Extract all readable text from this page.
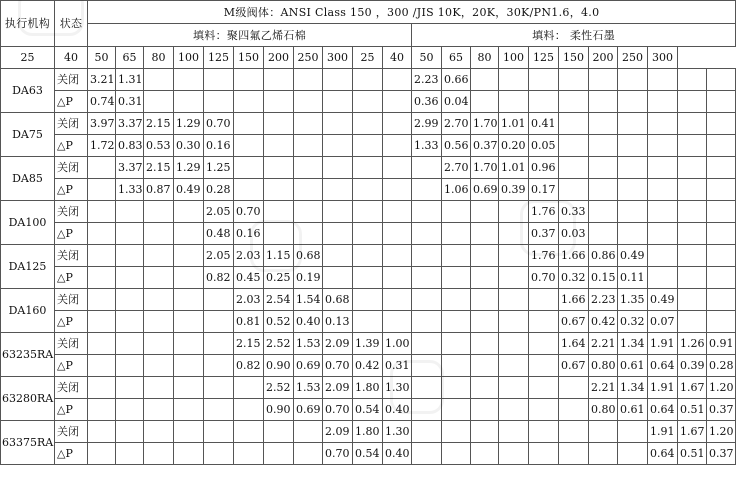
执行机构	状态	M级阀体：ANSI Class 150 ，300 /JIS 10K，20K，30K/PN1.6，4.0																					
		填料：聚四氟乙烯石棉											填料： 柔性石墨										
25	40	50	65	80	100	125	150	200	250	300	25	40	50	65	80	100	125	150	200	250	300		
DA63	关闭	3.21	1.31										2.23	0.66									
	△P	0.74	0.31										0.36	0.04									
DA75	关闭	3.97	3.37	2.15	1.29	0.70							2.99	2.70	1.70	1.01	0.41						
	△P	1.72	0.83	0.53	0.30	0.16							1.33	0.56	0.37	0.20	0.05						
DA85	关闭		3.37	2.15	1.29	1.25								2.70	1.70	1.01	0.96						
	△P		1.33	0.87	0.49	0.28								1.06	0.69	0.39	0.17						
DA100	关闭					2.05	0.70										1.76	0.33					
	△P					0.48	0.16										0.37	0.03					
DA125	关闭					2.05	2.03	1.15	0.68								1.76	1.66	0.86	0.49			
	△P					0.82	0.45	0.25	0.19								0.70	0.32	0.15	0.11			
DA160	关闭						2.03	2.54	1.54	0.68								1.66	2.23	1.35	0.49		
	△P						0.81	0.52	0.40	0.13								0.67	0.42	0.32	0.07		
63235RA	关闭						2.15	2.52	1.53	2.09	1.39	1.00						1.64	2.21	1.34	1.91	1.26	0.91
	△P						0.82	0.90	0.69	0.70	0.42	0.31						0.67	0.80	0.61	0.64	0.39	0.28
63280RA	关闭							2.52	1.53	2.09	1.80	1.30							2.21	1.34	1.91	1.67	1.20
	△P							0.90	0.69	0.70	0.54	0.40							0.80	0.61	0.64	0.51	0.37
63375RA	关闭									2.09	1.80	1.30									1.91	1.67	1.20
	△P									0.70	0.54	0.40									0.64	0.51	0.37
